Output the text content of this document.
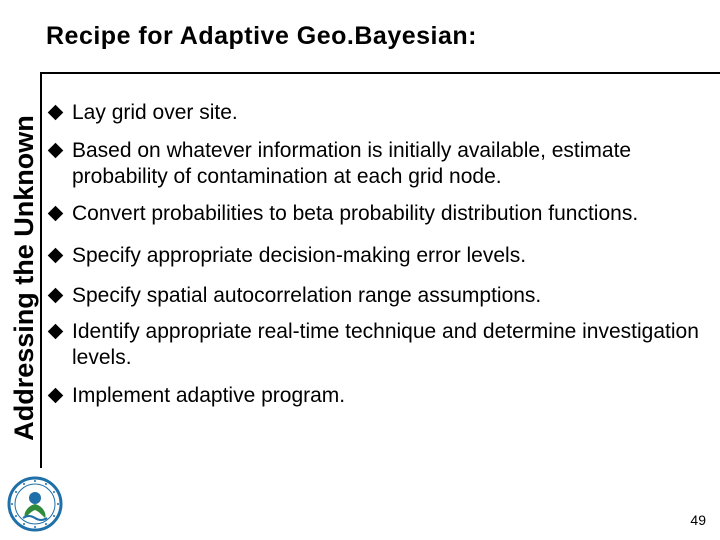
Addressing the Unknown
Recipe for Adaptive Geo.Bayesian:
Lay grid over site.
Based on whatever information is initially available, estimate probability of contamination at each grid node.
Convert probabilities to beta probability distribution functions.
Specify appropriate decision-making error levels.
Specify spatial autocorrelation range assumptions.
Identify appropriate real-time technique and determine investigation levels.
Implement adaptive program.
49
